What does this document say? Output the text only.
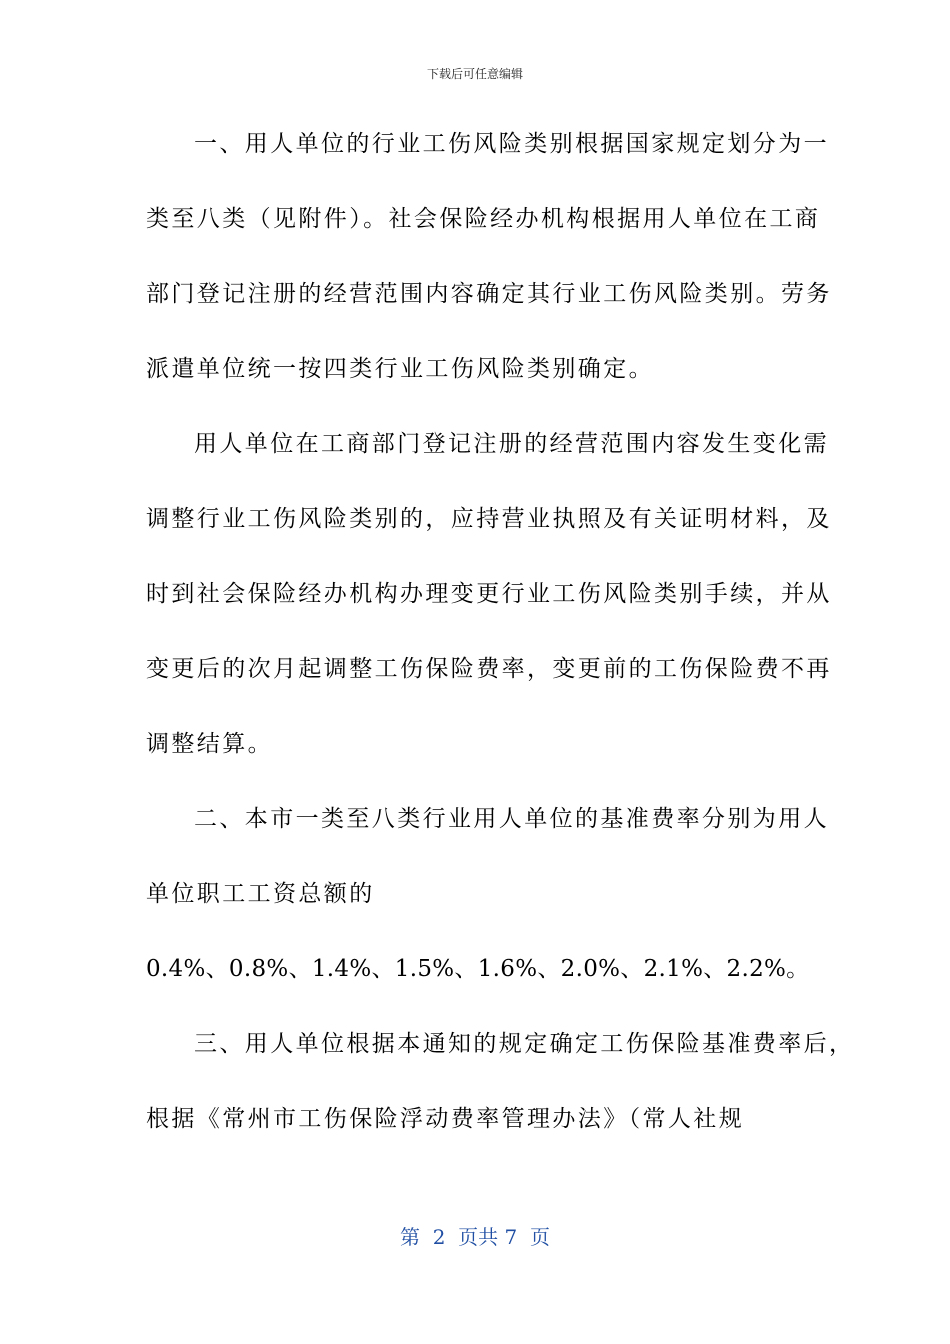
下载后可任意编辑
一、用人单位的行业工伤风险类别根据国家规定划分为一
类至八类（见附件）。社会保险经办机构根据用人单位在工商
部门登记注册的经营范围内容确定其行业工伤风险类别。劳务
派遣单位统一按四类行业工伤风险类别确定。
用人单位在工商部门登记注册的经营范围内容发生变化需
调整行业工伤风险类别的，应持营业执照及有关证明材料，及
时到社会保险经办机构办理变更行业工伤风险类别手续，并从
变更后的次月起调整工伤保险费率，变更前的工伤保险费不再
调整结算。
二、本市一类至八类行业用人单位的基准费率分别为用人
单位职工工资总额的
0.4%、0.8%、1.4%、1.5%、1.6%、2.0%、2.1%、2.2%。
三、用人单位根据本通知的规定确定工伤保险基准费率后，
根据《常州市工伤保险浮动费率管理办法》（常人社规
第  2  页共 7  页
